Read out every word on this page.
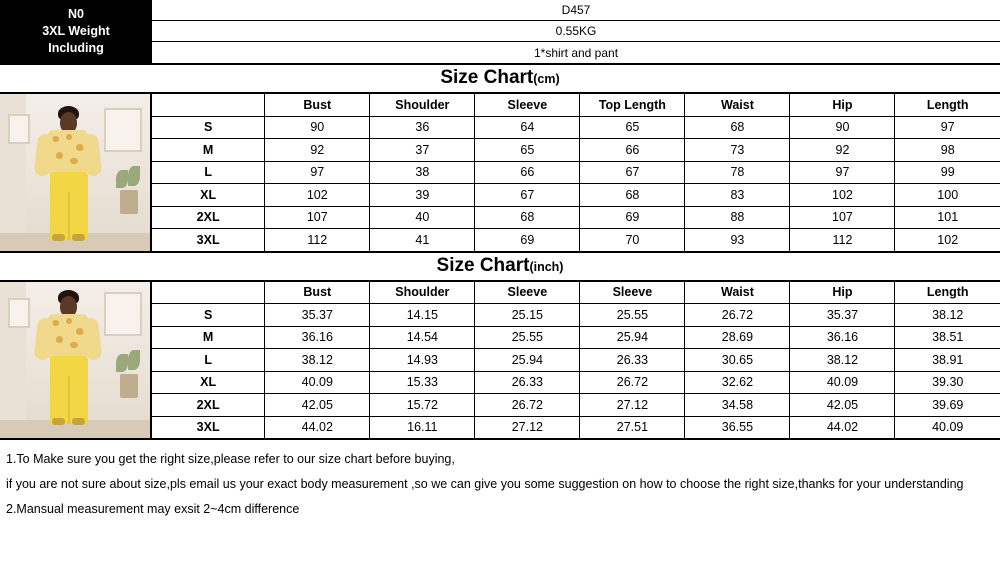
N0
3XL Weight
Including
D457
0.55KG
1*shirt and pant
Size Chart(cm)
	Bust	Shoulder	Sleeve	Top Length	Waist	Hip	Length
S	90	36	64	65	68	90	97
M	92	37	65	66	73	92	98
L	97	38	66	67	78	97	99
XL	102	39	67	68	83	102	100
2XL	107	40	68	69	88	107	101
3XL	112	41	69	70	93	112	102
Size Chart(inch)
	Bust	Shoulder	Sleeve	Sleeve	Waist	Hip	Length
S	35.37	14.15	25.15	25.55	26.72	35.37	38.12
M	36.16	14.54	25.55	25.94	28.69	36.16	38.51
L	38.12	14.93	25.94	26.33	30.65	38.12	38.91
XL	40.09	15.33	26.33	26.72	32.62	40.09	39.30
2XL	42.05	15.72	26.72	27.12	34.58	42.05	39.69
3XL	44.02	16.11	27.12	27.51	36.55	44.02	40.09

1.To Make sure you get the right size,please refer to our size chart before buying,

if you are not sure about size,pls email us your exact body measurement ,so we can give you some suggestion on how to choose the right size,thanks for your understanding

2.Mansual measurement may exsit 2~4cm difference
